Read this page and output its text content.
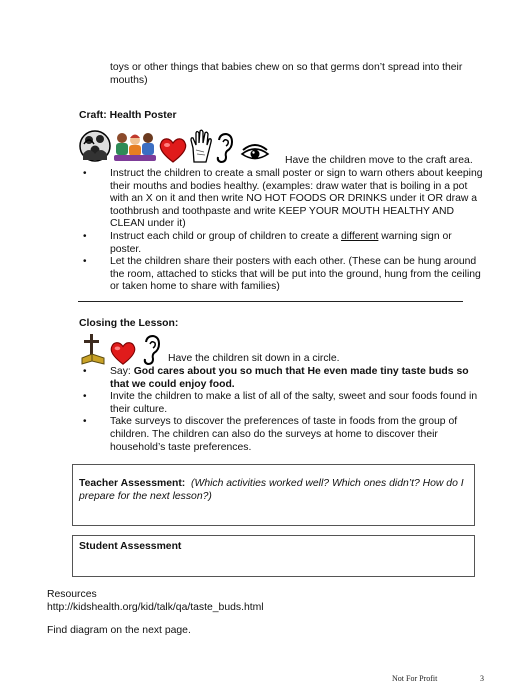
toys or other things that babies chew on so that germs don’t spread into their
mouths)
Craft: Health Poster
Have the children move to the craft area.
• Instruct the children to create a small poster or sign to warn others about keeping
their mouths and bodies healthy. (examples: draw water that is boiling in a pot
with an X on it and then write NO HOT FOODS OR DRINKS under it OR draw a
toothbrush and toothpaste and write KEEP YOUR MOUTH HEALTHY AND
CLEAN under it)
• Instruct each child or group of children to create a different warning sign or
poster.
• Let the children share their posters with each other. (These can be hung around
the room, attached to sticks that will be put into the ground, hung from the ceiling
or taken home to share with families)
Closing the Lesson:
Have the children sit down in a circle.
• Say: God cares about you so much that He even made tiny taste buds so
that we could enjoy food.
• Invite the children to make a list of all of the salty, sweet and sour foods found in
their culture.
• Take surveys to discover the preferences of taste in foods from the group of
children. The children can also do the surveys at home to discover their
household’s taste preferences.
Teacher Assessment: (Which activities worked well? Which ones didn’t? How do I
prepare for the next lesson?)
Student Assessment
Resources
http://kidshealth.org/kid/talk/qa/taste_buds.html
Find diagram on the next page.
Not For Profit	3
